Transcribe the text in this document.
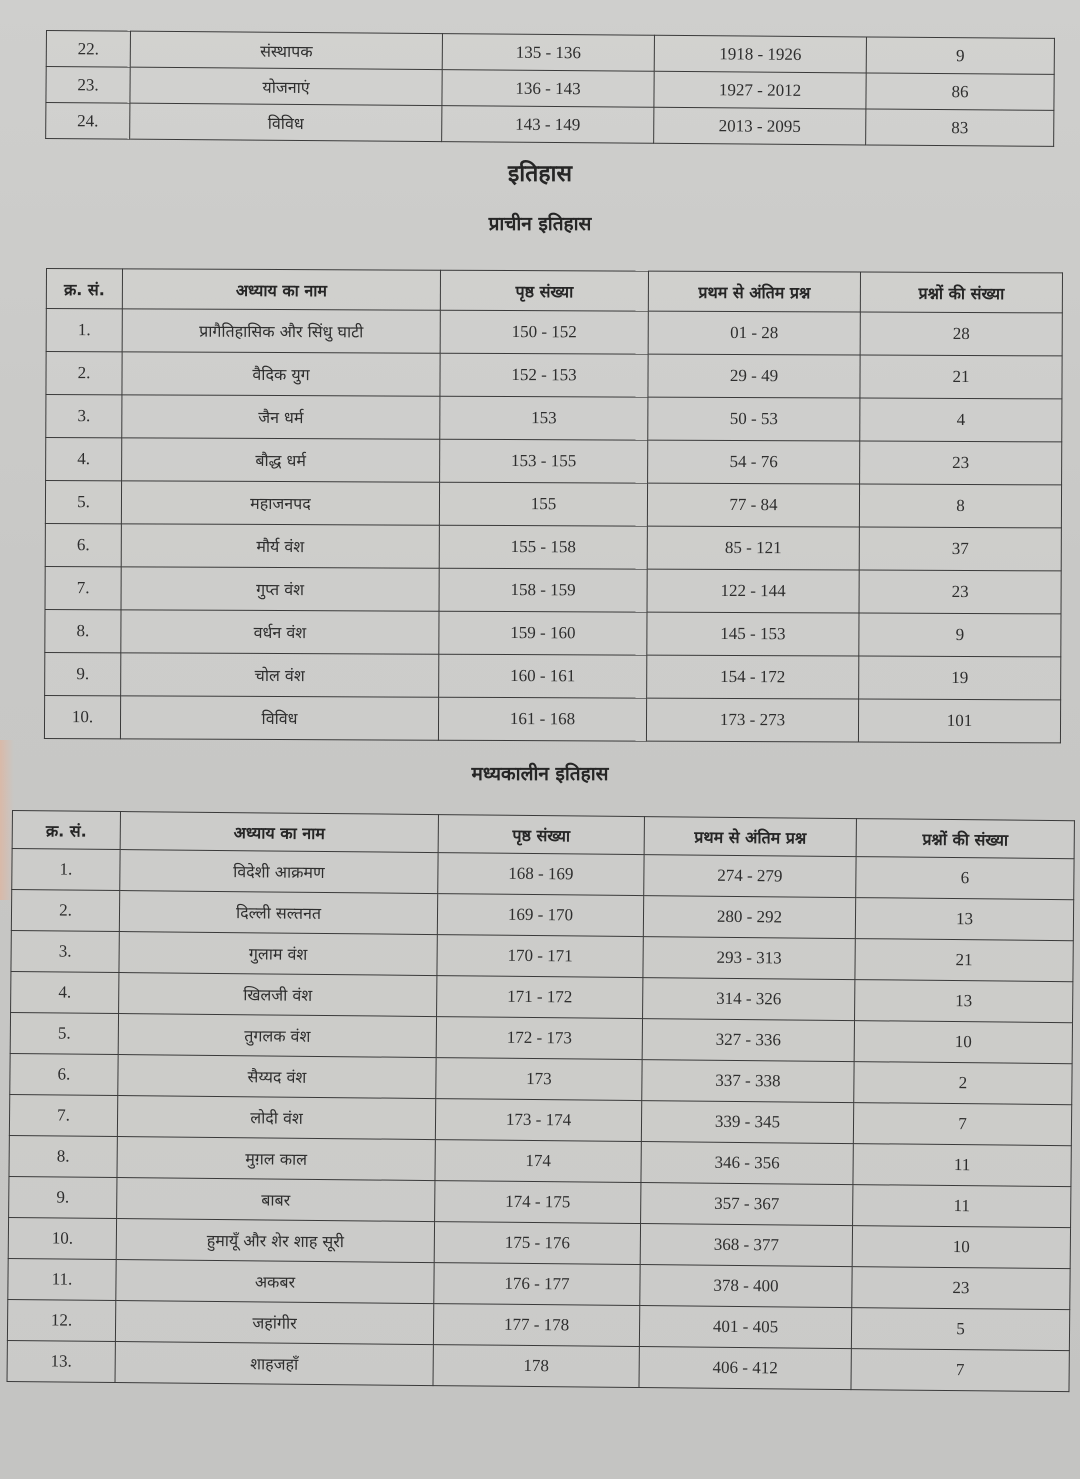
22.	संस्थापक	135 - 136	1918 - 1926	9
23.	योजनाएं	136 - 143	1927 - 2012	86
24.	विविध	143 - 149	2013 - 2095	83
इतिहास
प्राचीन इतिहास
क्र. सं.	अध्याय का नाम	पृष्ठ संख्या	प्रथम से अंतिम प्रश्न	प्रश्नों की संख्या
1.	प्रागैतिहासिक और सिंधु घाटी	150 - 152	01 - 28	28
2.	वैदिक युग	152 - 153	29 - 49	21
3.	जैन धर्म	153	50 - 53	4
4.	बौद्ध धर्म	153 - 155	54 - 76	23
5.	महाजनपद	155	77 - 84	8
6.	मौर्य वंश	155 - 158	85 - 121	37
7.	गुप्त वंश	158 - 159	122 - 144	23
8.	वर्धन वंश	159 - 160	145 - 153	9
9.	चोल वंश	160 - 161	154 - 172	19
10.	विविध	161 - 168	173 - 273	101
मध्यकालीन इतिहास
क्र. सं.	अध्याय का नाम	पृष्ठ संख्या	प्रथम से अंतिम प्रश्न	प्रश्नों की संख्या
1.	विदेशी आक्रमण	168 - 169	274 - 279	6
2.	दिल्ली सल्तनत	169 - 170	280 - 292	13
3.	गुलाम वंश	170 - 171	293 - 313	21
4.	खिलजी वंश	171 - 172	314 - 326	13
5.	तुगलक वंश	172 - 173	327 - 336	10
6.	सैय्यद वंश	173	337 - 338	2
7.	लोदी वंश	173 - 174	339 - 345	7
8.	मुग़ल काल	174	346 - 356	11
9.	बाबर	174 - 175	357 - 367	11
10.	हुमायूँ और शेर शाह सूरी	175 - 176	368 - 377	10
11.	अकबर	176 - 177	378 - 400	23
12.	जहांगीर	177 - 178	401 - 405	5
13.	शाहजहाँ	178	406 - 412	7
